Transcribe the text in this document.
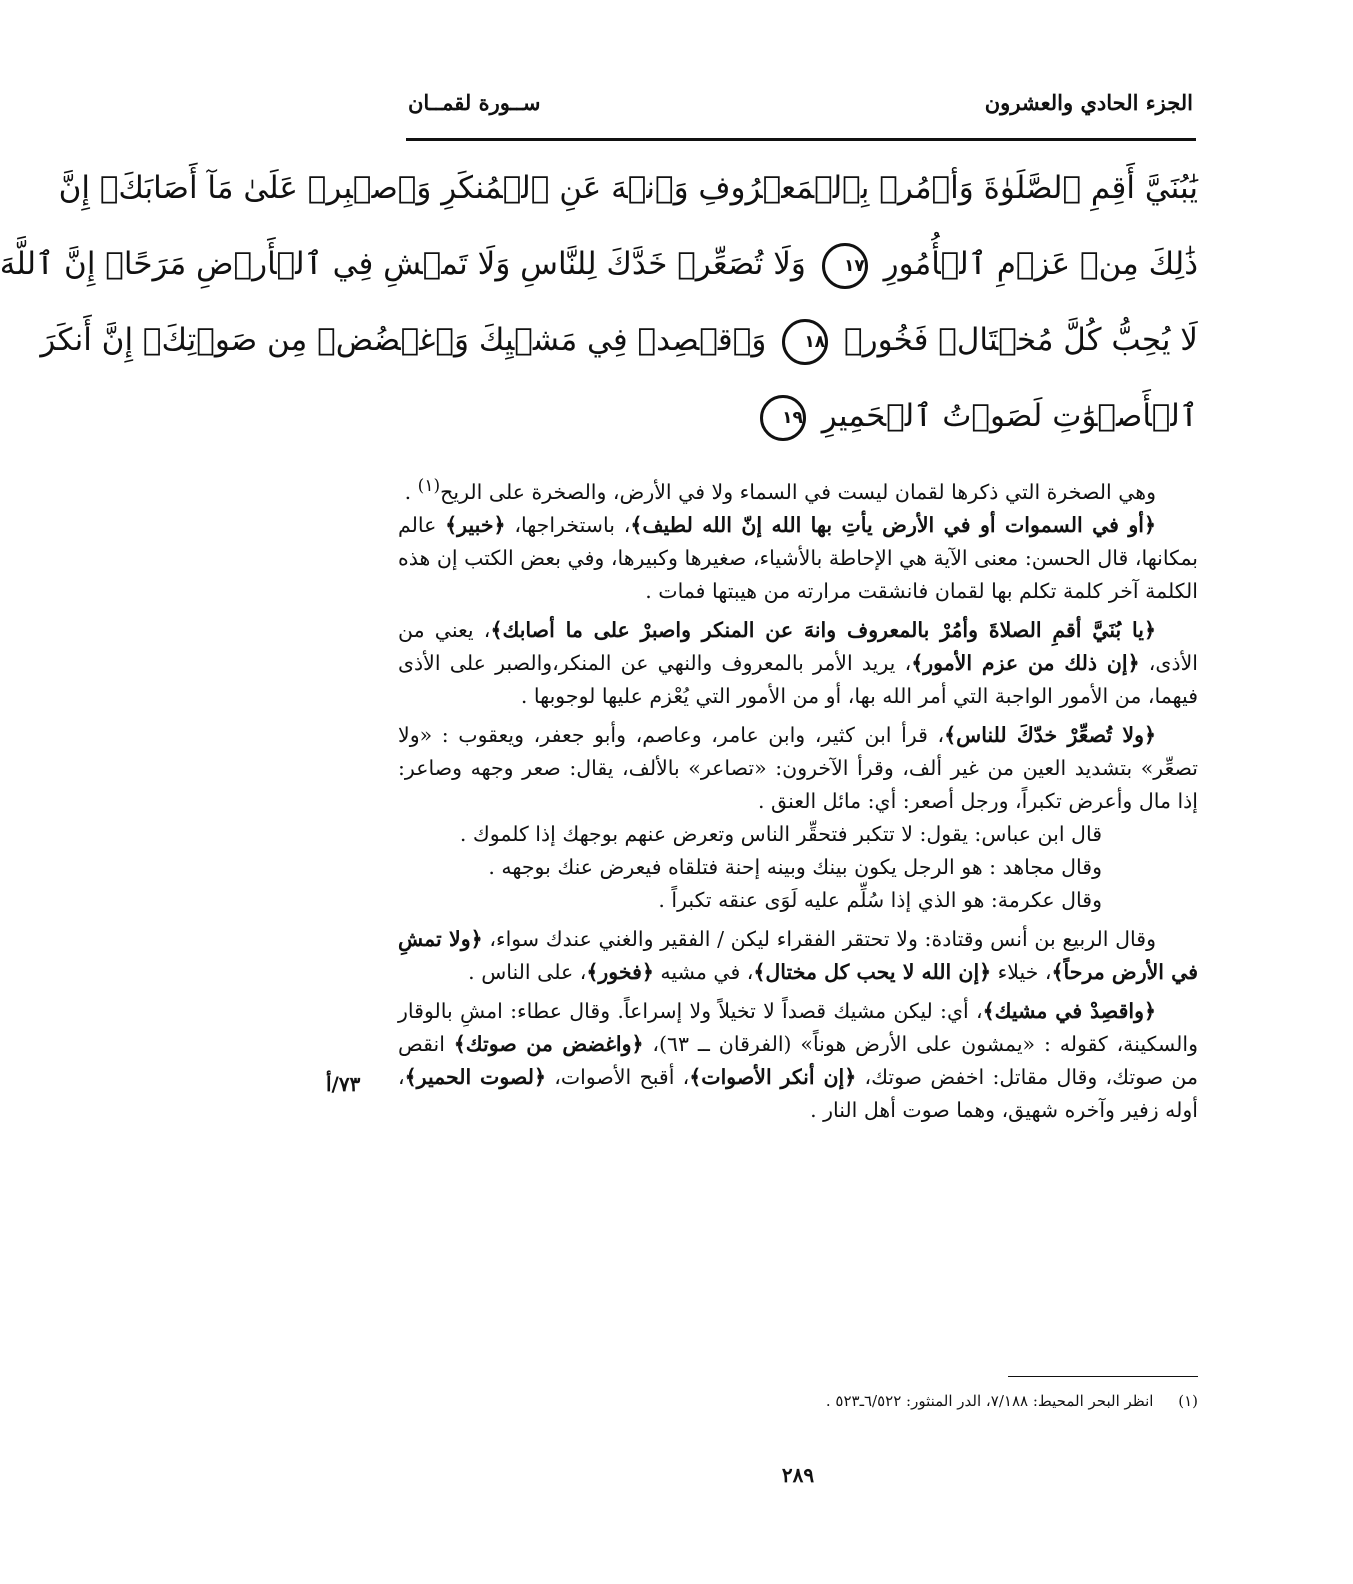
الجزء الحادي والعشرون
ســورة لقمــان
يَٰبُنَيَّ أَقِمِ ٱلصَّلَوٰةَ وَأۡمُرۡ بِٱلۡمَعۡرُوفِ وَٱنۡهَ عَنِ ٱلۡمُنكَرِ وَٱصۡبِرۡ عَلَىٰ مَآ أَصَابَكَۖ إِنَّ
ذَٰلِكَ مِنۡ عَزۡمِ ٱلۡأُمُورِ ١٧ وَلَا تُصَعِّرۡ خَدَّكَ لِلنَّاسِ وَلَا تَمۡشِ فِي ٱلۡأَرۡضِ مَرَحًاۖ إِنَّ ٱللَّهَ
لَا يُحِبُّ كُلَّ مُخۡتَالٖ فَخُورٖ ١٨ وَٱقۡصِدۡ فِي مَشۡيِكَ وَٱغۡضُضۡ مِن صَوۡتِكَۚ إِنَّ أَنكَرَ
ٱلۡأَصۡوَٰتِ لَصَوۡتُ ٱلۡحَمِيرِ ١٩

وهي الصخرة التي ذكرها لقمان ليست في السماء ولا في الأرض، والصخرة على الريح$^{(١)}$ .

﴿أو في السموات أو في الأرض يأتِ بها الله إنّ الله لطيف﴾، باستخراجها، ﴿خبير﴾ عالم بمكانها، قال الحسن: معنى الآية هي الإحاطة بالأشياء، صغيرها وكبيرها، وفي بعض الكتب إن هذه الكلمة آخر كلمة تكلم بها لقمان فانشقت مرارته من هيبتها فمات .

﴿يا بُنَيَّ أقمِ الصلاةَ وأمُرْ بالمعروف وانهَ عن المنكر واصبرْ على ما أصابك﴾، يعني من الأذى، ﴿إن ذلك من عزم الأمور﴾، يريد الأمر بالمعروف والنهي عن المنكر،والصبر على الأذى فيهما، من الأمور الواجبة التي أمر الله بها، أو من الأمور التي يُعْزم عليها لوجوبها .

﴿ولا تُصعِّرْ خدّكَ للناس﴾، قرأ ابن كثير، وابن عامر، وعاصم، وأبو جعفر، ويعقوب : «ولا تصعِّر» بتشديد العين من غير ألف، وقرأ الآخرون: «تصاعر» بالألف، يقال: صعر وجهه وصاعر: إذا مال وأعرض تكبراً، ورجل أصعر: أي: مائل العنق .

قال ابن عباس: يقول: لا تتكبر فتحقِّر الناس وتعرض عنهم بوجهك إذا كلموك .

وقال مجاهد : هو الرجل يكون بينك وبينه إحنة فتلقاه فيعرض عنك بوجهه .

وقال عكرمة: هو الذي إذا سُلِّم عليه لَوَى عنقه تكبراً .

وقال الربيع بن أنس وقتادة: ولا تحتقر الفقراء ليكن / الفقير والغني عندك سواء، ﴿ولا تمشِ في الأرض مرحاً﴾، خيلاء ﴿إن الله لا يحب كل مختال﴾، في مشيه ﴿فخور﴾، على الناس .

﴿واقصِدْ في مشيك﴾، أي: ليكن مشيك قصداً لا تخيلاً ولا إسراعاً. وقال عطاء: امشِ بالوقار والسكينة، كقوله : «يمشون على الأرض هوناً» (الفرقان ــ ٦٣)، ﴿واغضض من صوتك﴾ انقص من صوتك، وقال مقاتل: اخفض صوتك، ﴿إن أنكر الأصوات﴾، أقبح الأصوات، ﴿لصوت الحمير﴾، أوله زفير وآخره شهيق، وهما صوت أهل النار .

٧٣/أ
(١) انظر البحر المحيط: ٧/١٨٨، الدر المنثور: ٦/٥٢٢ـ٥٢٣ .
٢٨٩
